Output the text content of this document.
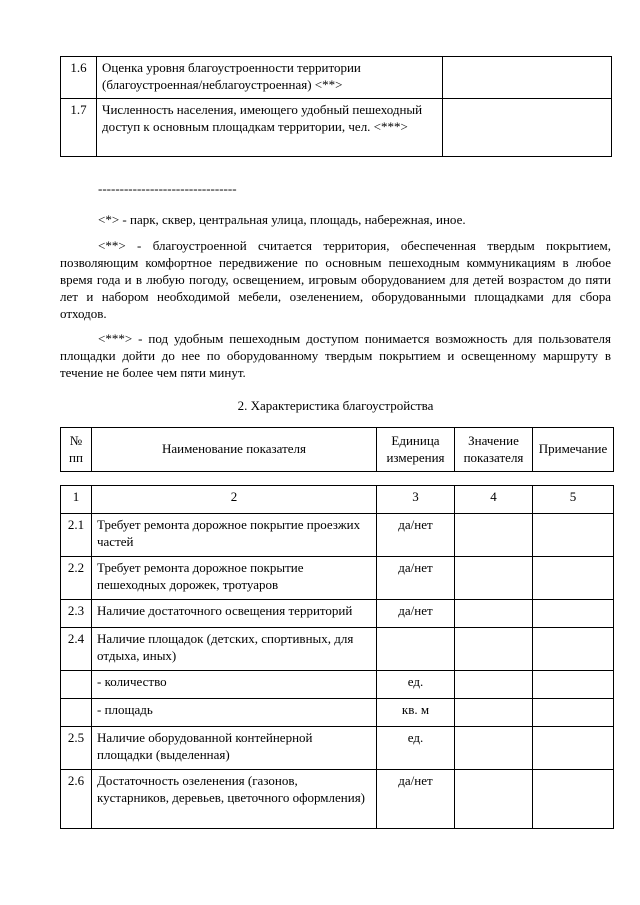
1.6	Оценка уровня благоустроенности территории (благоустроенная/неблагоустроенная) <**>	
1.7	Численность населения, имеющего удобный пешеходный доступ к основным площадкам территории, чел. <***>	
--------------------------------

<*> - парк, сквер, центральная улица, площадь, набережная, иное.

<**> - благоустроенной считается территория, обеспеченная твердым покрытием, позволяющим комфортное передвижение по основным пешеходным коммуникациям в любое время года и в любую погоду, освещением, игровым оборудованием для детей возрастом до пяти лет и набором необходимой мебели, озеленением, оборудованными площадками для сбора отходов.

<***> - под удобным пешеходным доступом понимается возможность для пользователя площадки дойти до нее по оборудованному твердым покрытием и освещенному маршруту в течение не более чем пяти минут.

2. Характеристика благоустройства
№ пп	Наименование показателя	Единица измерения	Значение показателя	Примечание
1	2	3	4	5
2.1	Требует ремонта дорожное покрытие проезжих частей	да/нет		
2.2	Требует ремонта дорожное покрытие пешеходных дорожек, тротуаров	да/нет		
2.3	Наличие достаточного освещения территорий	да/нет		
2.4	Наличие площадок (детских, спортивных, для отдыха, иных)			
	- количество	ед.		
	- площадь	кв. м		
2.5	Наличие оборудованной контейнерной площадки (выделенная)	ед.		
2.6	Достаточность озеленения (газонов, кустарников, деревьев, цветочного оформления)	да/нет		
